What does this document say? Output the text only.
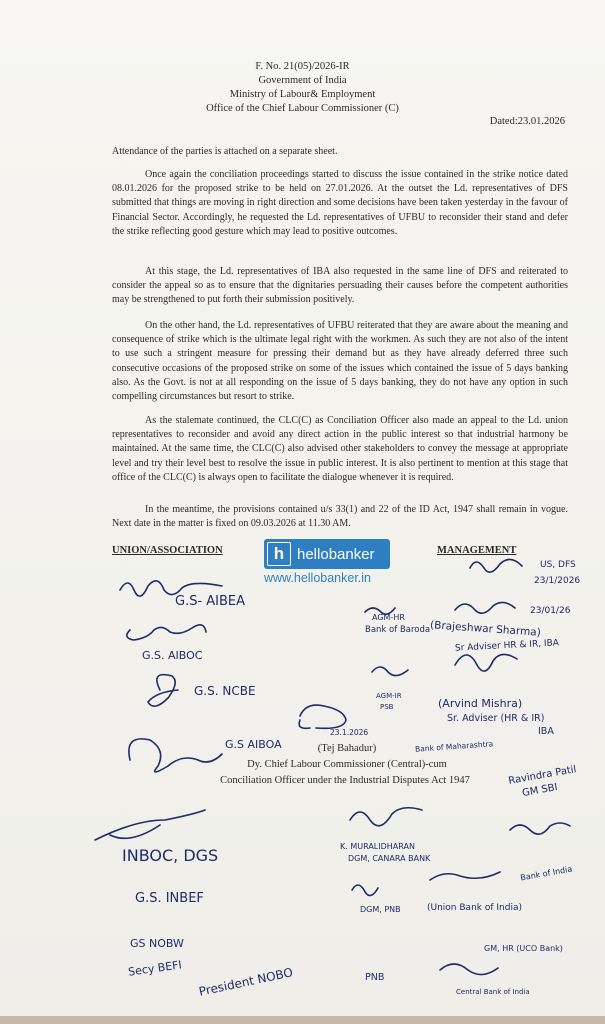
F. No. 21(05)/2026-IR
Government of India
Ministry of Labour& Employment
Office of the Chief Labour Commissioner (C)
Dated:23.01.2026
Attendance of the parties is attached on a separate sheet.
Once again the conciliation proceedings started to discuss the issue contained in the strike notice dated 08.01.2026 for the proposed strike to be held on 27.01.2026. At the outset the Ld. representatives of DFS submitted that things are moving in right direction and some decisions have been taken yesterday in the favour of Financial Sector. Accordingly, he requested the Ld. representatives of UFBU to reconsider their stand and defer the strike reflecting good gesture which may lead to positive outcomes.
At this stage, the Ld. representatives of IBA also requested in the same line of DFS and reiterated to consider the appeal so as to ensure that the dignitaries persuading their causes before the competent authorities may be strengthened to put forth their submission positively.
On the other hand, the Ld. representatives of UFBU reiterated that they are aware about the meaning and consequence of strike which is the ultimate legal right with the workmen. As such they are not also of the intent to use such a stringent measure for pressing their demand but as they have already deferred three such consecutive occasions of the proposed strike on some of the issues which contained the issue of 5 days banking also. As the Govt. is not at all responding on the issue of 5 days banking, they do not have any option in such compelling circumstances but resort to strike.
As the stalemate continued, the CLC(C) as Conciliation Officer also made an appeal to the Ld. union representatives to reconsider and avoid any direct action in the public interest so that industrial harmony be maintained. At the same time, the CLC(C) also advised other stakeholders to convey the message at appropriate level and try their level best to resolve the issue in public interest. It is also pertinent to mention at this stage that office of the CLC(C) is always open to facilitate the dialogue whenever it is required.
In the meantime, the provisions contained u/s 33(1) and 22 of the ID Act, 1947 shall remain in vogue. Next date in the matter is fixed on 09.03.2026 at 11.30 AM.
UNION/ASSOCIATION	MANAGEMENT
h hellobanker
www.hellobanker.in
G.S- AIBEA
G.S. AIBOC
G.S. NCBE
G.S AIBOA
INBOC, DGS
G.S. INBEF
GS NOBW
Secy BEFI President NOBO
US, DFS
23/1/2026
AGM-HR
Bank of Baroda
23/01/26
(Brajeshwar Sharma)
Sr Adviser HR & IR, IBA
(Arvind Mishra)
Sr. Adviser (HR & IR)
IBA
AGM-IR
PSB
Bank of Maharashtra
23.1.2026
Ravindra Patil
GM SBI
K. MURALIDHARAN
DGM, CANARA BANK
Bank of India
(Union Bank of India)
DGM, PNB
PNB
GM, HR (UCO Bank)
Central Bank of India
(Tej Bahadur)
Dy. Chief Labour Commissioner (Central)-cum
Conciliation Officer under the Industrial Disputes Act 1947
